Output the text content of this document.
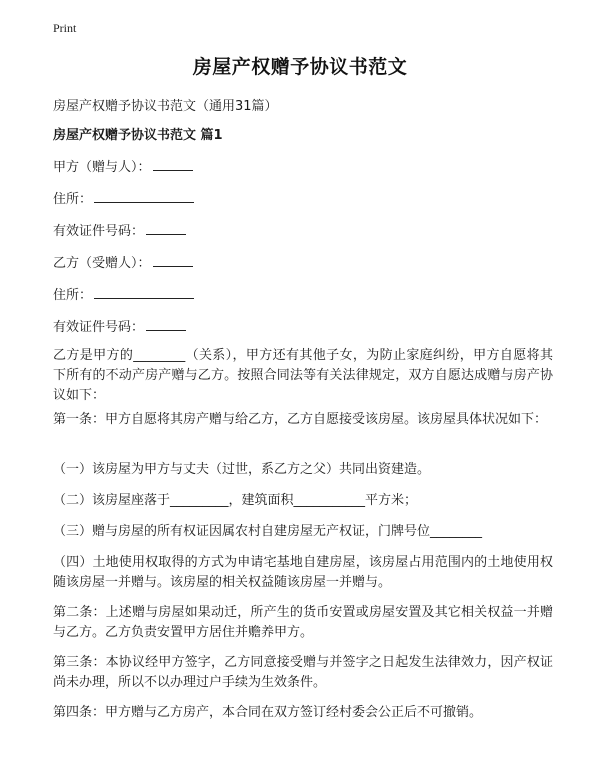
Print
房屋产权赠予协议书范文
房屋产权赠予协议书范文（通用31篇）
房屋产权赠予协议书范文 篇1
甲方（赠与人）：
住所：
有效证件号码：
乙方（受赠人）：
住所：
有效证件号码：
乙方是甲方的________（关系），甲方还有其他子女，为防止家庭纠纷，甲方自愿将其下所有的不动产房产赠与乙方。按照合同法等有关法律规定，双方自愿达成赠与房产协议如下：
第一条：甲方自愿将其房产赠与给乙方，乙方自愿接受该房屋。该房屋具体状况如下：
（一）该房屋为甲方与丈夫（过世，系乙方之父）共同出资建造。
（二）该房屋座落于_________，建筑面积___________平方米；
（三）赠与房屋的所有权证因属农村自建房屋无产权证，门牌号位________
（四）土地使用权取得的方式为申请宅基地自建房屋，该房屋占用范围内的土地使用权随该房屋一并赠与。该房屋的相关权益随该房屋一并赠与。
第二条：上述赠与房屋如果动迁，所产生的货币安置或房屋安置及其它相关权益一并赠与乙方。乙方负责安置甲方居住并赡养甲方。
第三条：本协议经甲方签字，乙方同意接受赠与并签字之日起发生法律效力，因产权证尚未办理，所以不以办理过户手续为生效条件。
第四条：甲方赠与乙方房产，本合同在双方签订经村委会公正后不可撤销。
